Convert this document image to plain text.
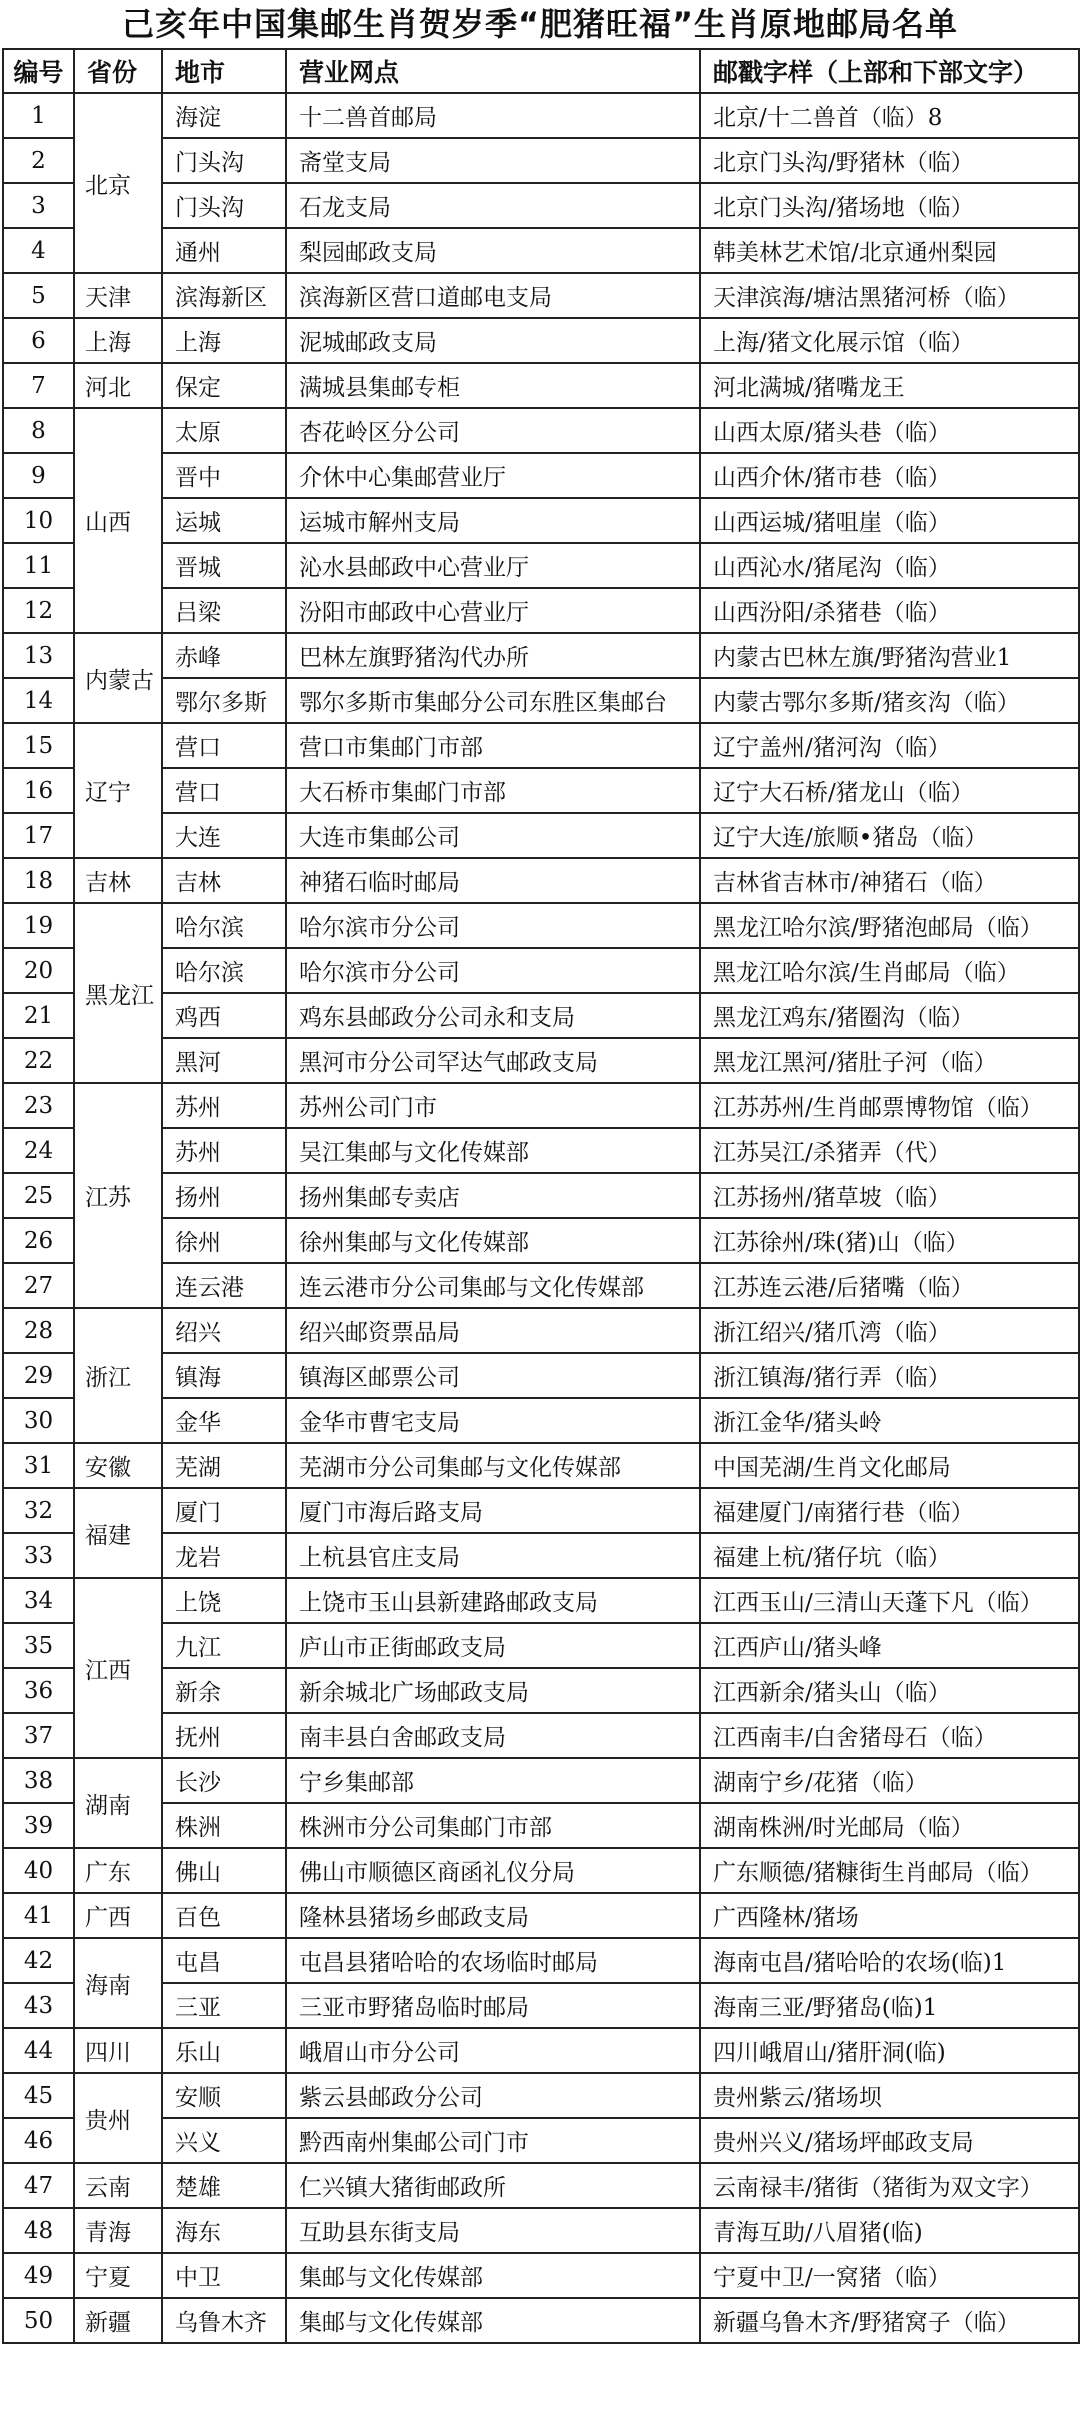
己亥年中国集邮生肖贺岁季“肥猪旺福”生肖原地邮局名单
编号	省份	地市	营业网点	邮戳字样（上部和下部文字）
1	北京	海淀	十二兽首邮局	北京/十二兽首（临）8
2		门头沟	斋堂支局	北京门头沟/野猪林（临）
3		门头沟	石龙支局	北京门头沟/猪场地（临）
4		通州	梨园邮政支局	韩美林艺术馆/北京通州梨园
5	天津	滨海新区	滨海新区营口道邮电支局	天津滨海/塘沽黑猪河桥（临）
6	上海	上海	泥城邮政支局	上海/猪文化展示馆（临）
7	河北	保定	满城县集邮专柜	河北满城/猪嘴龙王
8	山西	太原	杏花岭区分公司	山西太原/猪头巷（临）
9		晋中	介休中心集邮营业厅	山西介休/猪市巷（临）
10		运城	运城市解州支局	山西运城/猪咀崖（临）
11		晋城	沁水县邮政中心营业厅	山西沁水/猪尾沟（临）
12		吕梁	汾阳市邮政中心营业厅	山西汾阳/杀猪巷（临）
13	内蒙古	赤峰	巴林左旗野猪沟代办所	内蒙古巴林左旗/野猪沟营业1
14		鄂尔多斯	鄂尔多斯市集邮分公司东胜区集邮台	内蒙古鄂尔多斯/猪亥沟（临）
15	辽宁	营口	营口市集邮门市部	辽宁盖州/猪河沟（临）
16		营口	大石桥市集邮门市部	辽宁大石桥/猪龙山（临）
17		大连	大连市集邮公司	辽宁大连/旅顺•猪岛（临）
18	吉林	吉林	神猪石临时邮局	吉林省吉林市/神猪石（临）
19	黑龙江	哈尔滨	哈尔滨市分公司	黑龙江哈尔滨/野猪泡邮局（临）
20		哈尔滨	哈尔滨市分公司	黑龙江哈尔滨/生肖邮局（临）
21		鸡西	鸡东县邮政分公司永和支局	黑龙江鸡东/猪圈沟（临）
22		黑河	黑河市分公司罕达气邮政支局	黑龙江黑河/猪肚子河（临）
23	江苏	苏州	苏州公司门市	江苏苏州/生肖邮票博物馆（临）
24		苏州	吴江集邮与文化传媒部	江苏吴江/杀猪弄（代）
25		扬州	扬州集邮专卖店	江苏扬州/猪草坡（临）
26		徐州	徐州集邮与文化传媒部	江苏徐州/珠(猪)山（临）
27		连云港	连云港市分公司集邮与文化传媒部	江苏连云港/后猪嘴（临）
28	浙江	绍兴	绍兴邮资票品局	浙江绍兴/猪爪湾（临）
29		镇海	镇海区邮票公司	浙江镇海/猪行弄（临）
30		金华	金华市曹宅支局	浙江金华/猪头岭
31	安徽	芜湖	芜湖市分公司集邮与文化传媒部	中国芜湖/生肖文化邮局
32	福建	厦门	厦门市海后路支局	福建厦门/南猪行巷（临）
33		龙岩	上杭县官庄支局	福建上杭/猪仔坑（临）
34	江西	上饶	上饶市玉山县新建路邮政支局	江西玉山/三清山天蓬下凡（临）
35		九江	庐山市正街邮政支局	江西庐山/猪头峰
36		新余	新余城北广场邮政支局	江西新余/猪头山（临）
37		抚州	南丰县白舍邮政支局	江西南丰/白舍猪母石（临）
38	湖南	长沙	宁乡集邮部	湖南宁乡/花猪（临）
39		株洲	株洲市分公司集邮门市部	湖南株洲/时光邮局（临）
40	广东	佛山	佛山市顺德区商函礼仪分局	广东顺德/猪糠街生肖邮局（临）
41	广西	百色	隆林县猪场乡邮政支局	广西隆林/猪场
42	海南	屯昌	屯昌县猪哈哈的农场临时邮局	海南屯昌/猪哈哈的农场(临)1
43		三亚	三亚市野猪岛临时邮局	海南三亚/野猪岛(临)1
44	四川	乐山	峨眉山市分公司	四川峨眉山/猪肝洞(临)
45	贵州	安顺	紫云县邮政分公司	贵州紫云/猪场坝
46		兴义	黔西南州集邮公司门市	贵州兴义/猪场坪邮政支局
47	云南	楚雄	仁兴镇大猪街邮政所	云南禄丰/猪街（猪街为双文字）
48	青海	海东	互助县东街支局	青海互助/八眉猪(临)
49	宁夏	中卫	集邮与文化传媒部	宁夏中卫/一窝猪（临）
50	新疆	乌鲁木齐	集邮与文化传媒部	新疆乌鲁木齐/野猪窝子（临）
